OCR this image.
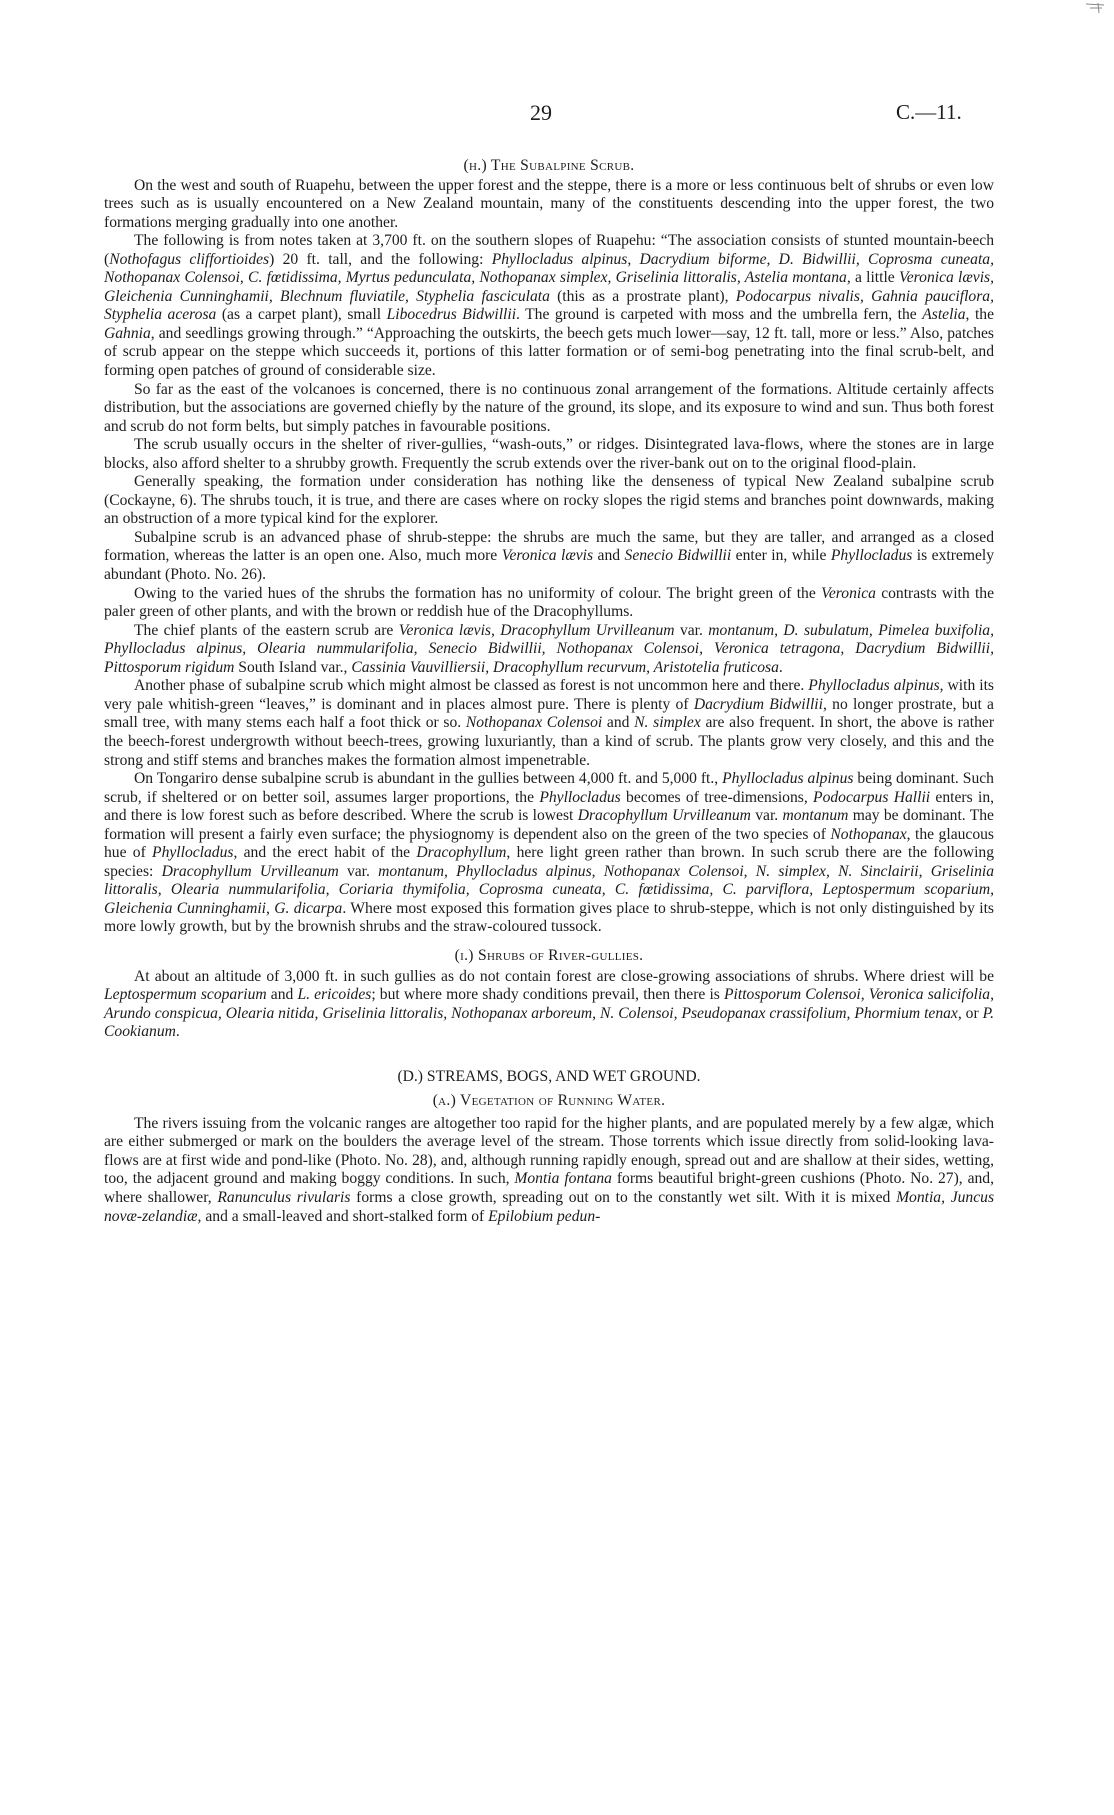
29	C.—11.

(h.) The Subalpine Scrub.

On the west and south of Ruapehu, between the upper forest and the steppe, there is a more or less continuous belt of shrubs or even low trees such as is usually encountered on a New Zealand mountain, many of the constituents descending into the upper forest, the two formations merging gradually into one another.

The following is from notes taken at 3,700 ft. on the southern slopes of Ruapehu: “The association consists of stunted mountain-beech (Nothofagus cliffortioides) 20 ft. tall, and the following: Phyllocladus alpinus, Dacrydium biforme, D. Bidwillii, Coprosma cuneata, Nothopanax Colensoi, C. fœtidissima, Myrtus pedunculata, Nothopanax simplex, Griselinia littoralis, Astelia montana, a little Veronica lævis, Gleichenia Cunninghamii, Blechnum fluviatile, Styphelia fasciculata (this as a prostrate plant), Podocarpus nivalis, Gahnia pauciflora, Styphelia acerosa (as a carpet plant), small Libocedrus Bidwillii. The ground is carpeted with moss and the umbrella fern, the Astelia, the Gahnia, and seedlings growing through.” “Approaching the outskirts, the beech gets much lower—say, 12 ft. tall, more or less.” Also, patches of scrub appear on the steppe which succeeds it, portions of this latter formation or of semi-bog penetrating into the final scrub-belt, and forming open patches of ground of considerable size.

So far as the east of the volcanoes is concerned, there is no continuous zonal arrangement of the formations. Altitude certainly affects distribution, but the associations are governed chiefly by the nature of the ground, its slope, and its exposure to wind and sun. Thus both forest and scrub do not form belts, but simply patches in favourable positions.

The scrub usually occurs in the shelter of river-gullies, “wash-outs,” or ridges. Disintegrated lava-flows, where the stones are in large blocks, also afford shelter to a shrubby growth. Frequently the scrub extends over the river-bank out on to the original flood-plain.

Generally speaking, the formation under consideration has nothing like the denseness of typical New Zealand subalpine scrub (Cockayne, 6). The shrubs touch, it is true, and there are cases where on rocky slopes the rigid stems and branches point downwards, making an obstruction of a more typical kind for the explorer.

Subalpine scrub is an advanced phase of shrub-steppe: the shrubs are much the same, but they are taller, and arranged as a closed formation, whereas the latter is an open one. Also, much more Veronica lævis and Senecio Bidwillii enter in, while Phyllocladus is extremely abundant (Photo. No. 26).

Owing to the varied hues of the shrubs the formation has no uniformity of colour. The bright green of the Veronica contrasts with the paler green of other plants, and with the brown or reddish hue of the Dracophyllums.

The chief plants of the eastern scrub are Veronica lævis, Dracophyllum Urvilleanum var. montanum, D. subulatum, Pimelea buxifolia, Phyllocladus alpinus, Olearia nummularifolia, Senecio Bidwillii, Nothopanax Colensoi, Veronica tetragona, Dacrydium Bidwillii, Pittosporum rigidum South Island var., Cassinia Vauvilliersii, Dracophyllum recurvum, Aristotelia fruticosa.

Another phase of subalpine scrub which might almost be classed as forest is not uncommon here and there. Phyllocladus alpinus, with its very pale whitish-green “leaves,” is dominant and in places almost pure. There is plenty of Dacrydium Bidwillii, no longer prostrate, but a small tree, with many stems each half a foot thick or so. Nothopanax Colensoi and N. simplex are also frequent. In short, the above is rather the beech-forest undergrowth without beech-trees, growing luxuriantly, than a kind of scrub. The plants grow very closely, and this and the strong and stiff stems and branches makes the formation almost impenetrable.

On Tongariro dense subalpine scrub is abundant in the gullies between 4,000 ft. and 5,000 ft., Phyllocladus alpinus being dominant. Such scrub, if sheltered or on better soil, assumes larger proportions, the Phyllocladus becomes of tree-dimensions, Podocarpus Hallii enters in, and there is low forest such as before described. Where the scrub is lowest Dracophyllum Urvilleanum var. montanum may be dominant. The formation will present a fairly even surface; the physiognomy is dependent also on the green of the two species of Nothopanax, the glaucous hue of Phyllocladus, and the erect habit of the Dracophyllum, here light green rather than brown. In such scrub there are the following species: Dracophyllum Urvilleanum var. montanum, Phyllocladus alpinus, Nothopanax Colensoi, N. simplex, N. Sinclairii, Griselinia littoralis, Olearia nummularifolia, Coriaria thymifolia, Coprosma cuneata, C. fœtidissima, C. parviflora, Leptospermum scoparium, Gleichenia Cunninghamii, G. dicarpa. Where most exposed this formation gives place to shrub-steppe, which is not only distinguished by its more lowly growth, but by the brownish shrubs and the straw-coloured tussock.

(i.) Shrubs of River-gullies.

At about an altitude of 3,000 ft. in such gullies as do not contain forest are close-growing associations of shrubs. Where driest will be Leptospermum scoparium and L. ericoides; but where more shady conditions prevail, then there is Pittosporum Colensoi, Veronica salicifolia, Arundo conspicua, Olearia nitida, Griselinia littoralis, Nothopanax arboreum, N. Colensoi, Pseudopanax crassifolium, Phormium tenax, or P. Cookianum.

(D.) STREAMS, BOGS, AND WET GROUND.

(a.) Vegetation of Running Water.

The rivers issuing from the volcanic ranges are altogether too rapid for the higher plants, and are populated merely by a few algæ, which are either submerged or mark on the boulders the average level of the stream. Those torrents which issue directly from solid-looking lava-flows are at first wide and pond-like (Photo. No. 28), and, although running rapidly enough, spread out and are shallow at their sides, wetting, too, the adjacent ground and making boggy conditions. In such, Montia fontana forms beautiful bright-green cushions (Photo. No. 27), and, where shallower, Ranunculus rivularis forms a close growth, spreading out on to the constantly wet silt. With it is mixed Montia, Juncus novæ-zelandiæ, and a small-leaved and short-stalked form of Epilobium pedun-
